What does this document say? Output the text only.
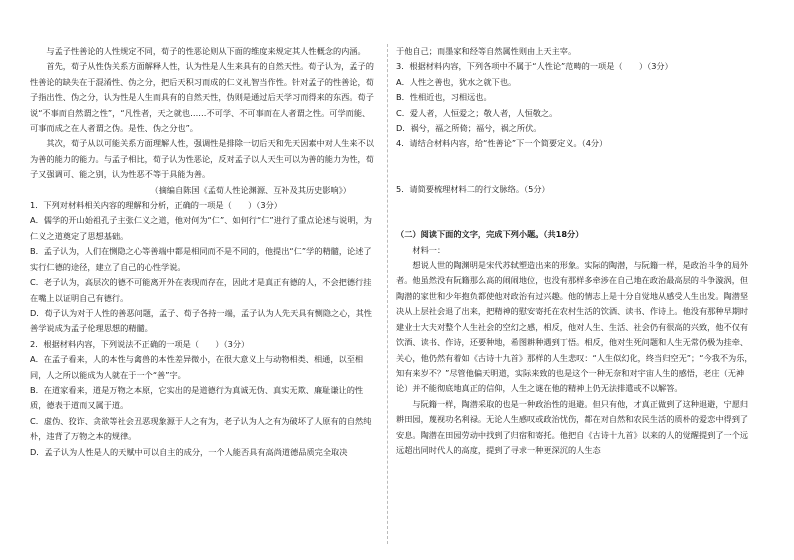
与孟子性善论的人性规定不同，荀子的性恶论则从下面的维度来规定其人性概念的内涵。

首先，荀子从性伪关系方面解释人性，认为性是人生来具有的自然天性。荀子认为，孟子的性善论的缺失在于混淆性、伪之分，把后天积习而成的仁义礼智当作性。针对孟子的性善论，荀子指出性、伪之分，认为性是人生而具有的自然天性，伪则是通过后天学习而得来的东西。荀子说“不事而自然谓之性”，“凡性者，天之就也……不可学、不可事而在人者谓之性。可学而能、可事而成之在人者谓之伪。是性、伪之分也”。

其次，荀子从以可能关系方面理解人性，强调性是排除一切后天和先天因素中对人生来不以为善的能力的能力。与孟子相比，荀子认为性恶论，反对孟子以人天生可以为善的能力为性，荀子又强调可、能之别，认为性恶不等于具能为善。

（摘编自陈国《孟荀人性论渊源、互补及其历史影响》）

1．下列对材料相关内容的理解和分析，正确的一项是（　　）（3分）

A．儒学的开山始祖孔子主张仁义之道，他对何为“仁”、如何行“仁”进行了重点论述与说明，为仁义之道奠定了思想基础。

B．孟子认为，人们在恻隐之心等善端中都是相同而不是不同的，他提出“仁”学的精髓，论述了实行仁德的途径，建立了自己的心性学说。

C．老子认为，高层次的德不可能离开外在表现而存在，因此才是真正有德的人，不会把德行挂在嘴上以证明自己有德行。

D．荀子认为对于人性的善恶问题，孟子、荀子各持一端，孟子认为人先天具有恻隐之心，其性善学说成为孟子伦理思想的精髓。

2．根据材料内容，下列说法不正确的一项是（　　）（3分）

A．在孟子看来，人的本性与禽兽的本性差异微小，在很大意义上与动物相类、相通，以至相同，人之所以能成为人就在于一个“善”字。

B．在道家看来，道是万物之本原，它实出的是道德行为真诚无伪、真实无欺、廉耻谦让的性质，德表于道而又属于道。

C．虚伪、狡诈、贪欲等社会丑恶现象源于人之有为，老子认为人之有为破坏了人原有的自然纯朴，违背了万物之本的规律。

D．孟子认为人性是人的天赋中可以自主的成分，一个人能否具有高尚道德品质完全取决

于他自己；而墨家和经等自然属性则由上天主宰。

3．根据材料内容，下列各项中不属于“人性论”范畴的一项是（　　）（3分）

A．人性之善也，犹水之就下也。

B．性相近也，习相远也。

C．爱人者，人恒爱之；敬人者，人恒敬之。

D．祸兮，福之所倚；福兮，祸之所伏。

4．请结合材料内容，给“性善论”下一个简要定义。（4分）

5．请简要梳理材料二的行文脉络。（5分）

（二）阅读下面的文字，完成下列小题。（共18分）

材料一：

想说人世的陶渊明是宋代苏轼塑造出来的形象。实际的陶潜，与阮籍一样，是政治斗争的局外者。他虽然没有阮籍那么高的闹闹地位，也没有那样多牵涉在自己地在政治最高层的斗争漩涡，但陶潜的家世和少年抱负都使他对政治有过兴趣。他的情志上是十分自觉地从感受人生出发。陶潜坚决从上层社会退了出来，把精神的慰安寄托在农村生活的饮酒、读书、作诗上。他没有那种早期时建业士大夫对整个人生社会的空幻之感，相反，他对人生、生活、社会仍有很高的兴致，他不仅有饮酒、读书、作诗，还要种地，希图耕种遇到丁悟。相反，他对生死问题和人生无常仍极为挂牵、关心，他仍然有着如《古诗十九首》那样的人生悲叹：“人生似幻化，终当归空无”；“今我不为乐，知有来岁不？”尽管他偏天明道，实际来致的也是这个一种无奈和对宇宙人生的感悟，老庄（无神论）并不能彻底地真正的信仰，人生之谜在他的精神上仍无法排遣或不以解答。

与阮籍一样，陶潜采取的也是一种政治性的退避。但只有他，才真正做到了这种退避，宁愿归耕田园，蔑视功名利禄。无论人生感叹或政治忧伤，都在对自然和农民生活的质朴的爱恋中得到了安息。陶潜在田园劳动中找到了归宿和寄托。他把自《古诗十九首》以来的人的觉醒提到了一个远远超出同时代人的高度，提到了寻求一种更深沉的人生态
